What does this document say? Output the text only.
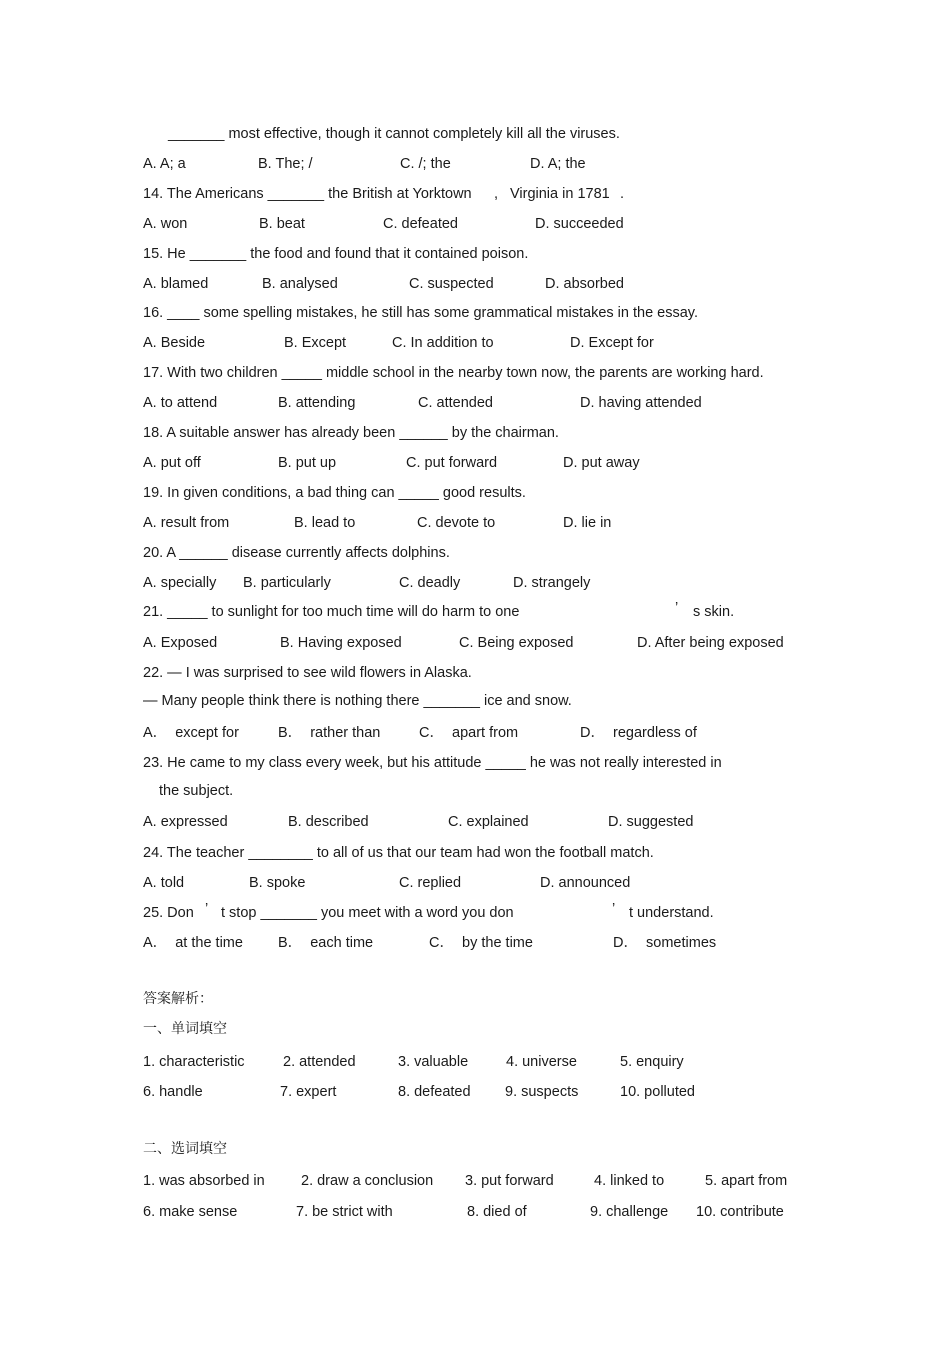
_______ most effective, though it cannot completely kill all the viruses.
A. A; a	B. The; /	C. /; the	D. A; the
14. The Americans _______ the British at Yorktown , Virginia in 1781 .
A. won	B. beat	C. defeated	D. succeeded
15. He _______ the food and found that it contained poison.
A. blamed	B. analysed	C. suspected	D. absorbed
16. ____ some spelling mistakes, he still has some grammatical mistakes in the essay.
A. Beside	B. Except	C. In addition to	D. Except for
17. With two children _____ middle school in the nearby town now, the parents are working hard.
A. to attend	B. attending	C. attended	D. having attended
18. A suitable answer has already been ______ by the chairman.
A. put off	B. put up	C. put forward	D. put away
19. In given conditions, a bad thing can _____ good results.
A. result from	B. lead to	C. devote to	D. lie in
20. A ______ disease currently affects dolphins.
A. specially B. particularly	C. deadly	D. strangely
21. _____ to sunlight for too much time will do harm to one	’ s skin.
A. Exposed	B. Having exposed	C. Being exposed	D. After being exposed
22. — I was surprised to see wild flowers in Alaska.
— Many people think there is nothing there _______ ice and snow.
A．  except for	B．  rather than	C．  apart from	D．  regardless of
23. He came to my class every week, but his attitude _____ he was not really interested in
the subject.
A. expressed	B. described	C. explained	D. suggested
24. The teacher ________ to all of us that our team had won the football match.
A. told	B. spoke	C. replied	D. announced
25. Don ’ t stop _______ you meet with a word you don	’ t understand.
A．  at the time B．  each time	C．  by the time	D．  sometimes
答案解析：
一、单词填空
1. characteristic	2. attended	3. valuable	4. universe	5. enquiry
6. handle	7. expert	8. defeated 9. suspects	10. polluted
二、选词填空
1. was absorbed in	2. draw a conclusion 3. put forward	4. linked to	5. apart from
6. make sense	7. be strict with	8. died of	9. challenge 10. contribute
